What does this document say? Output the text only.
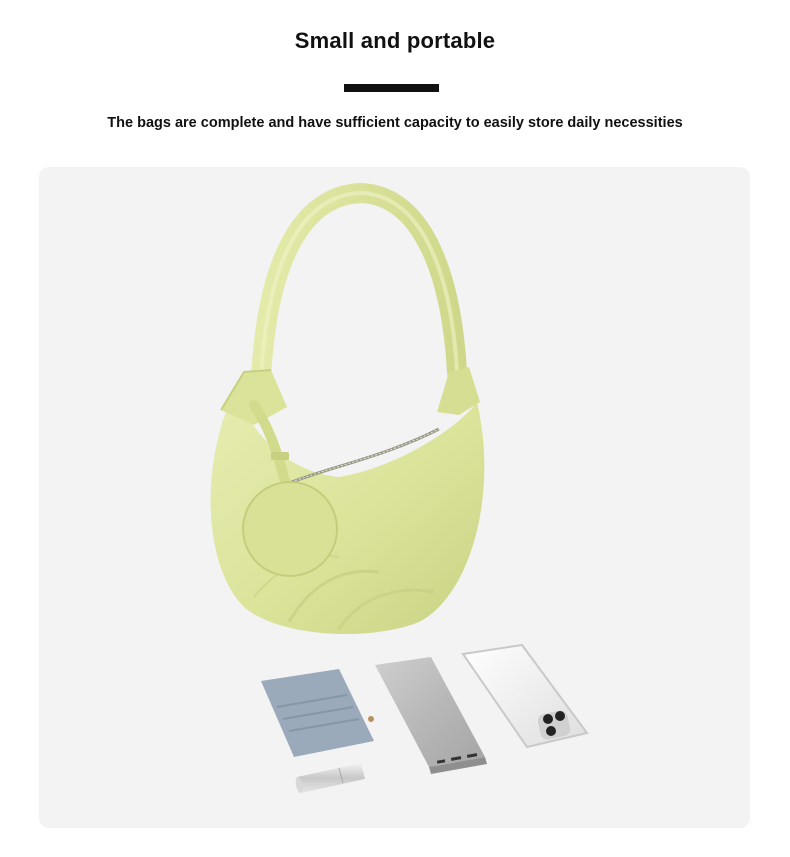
Small and portable
The bags are complete and have sufficient capacity to easily store daily necessities
